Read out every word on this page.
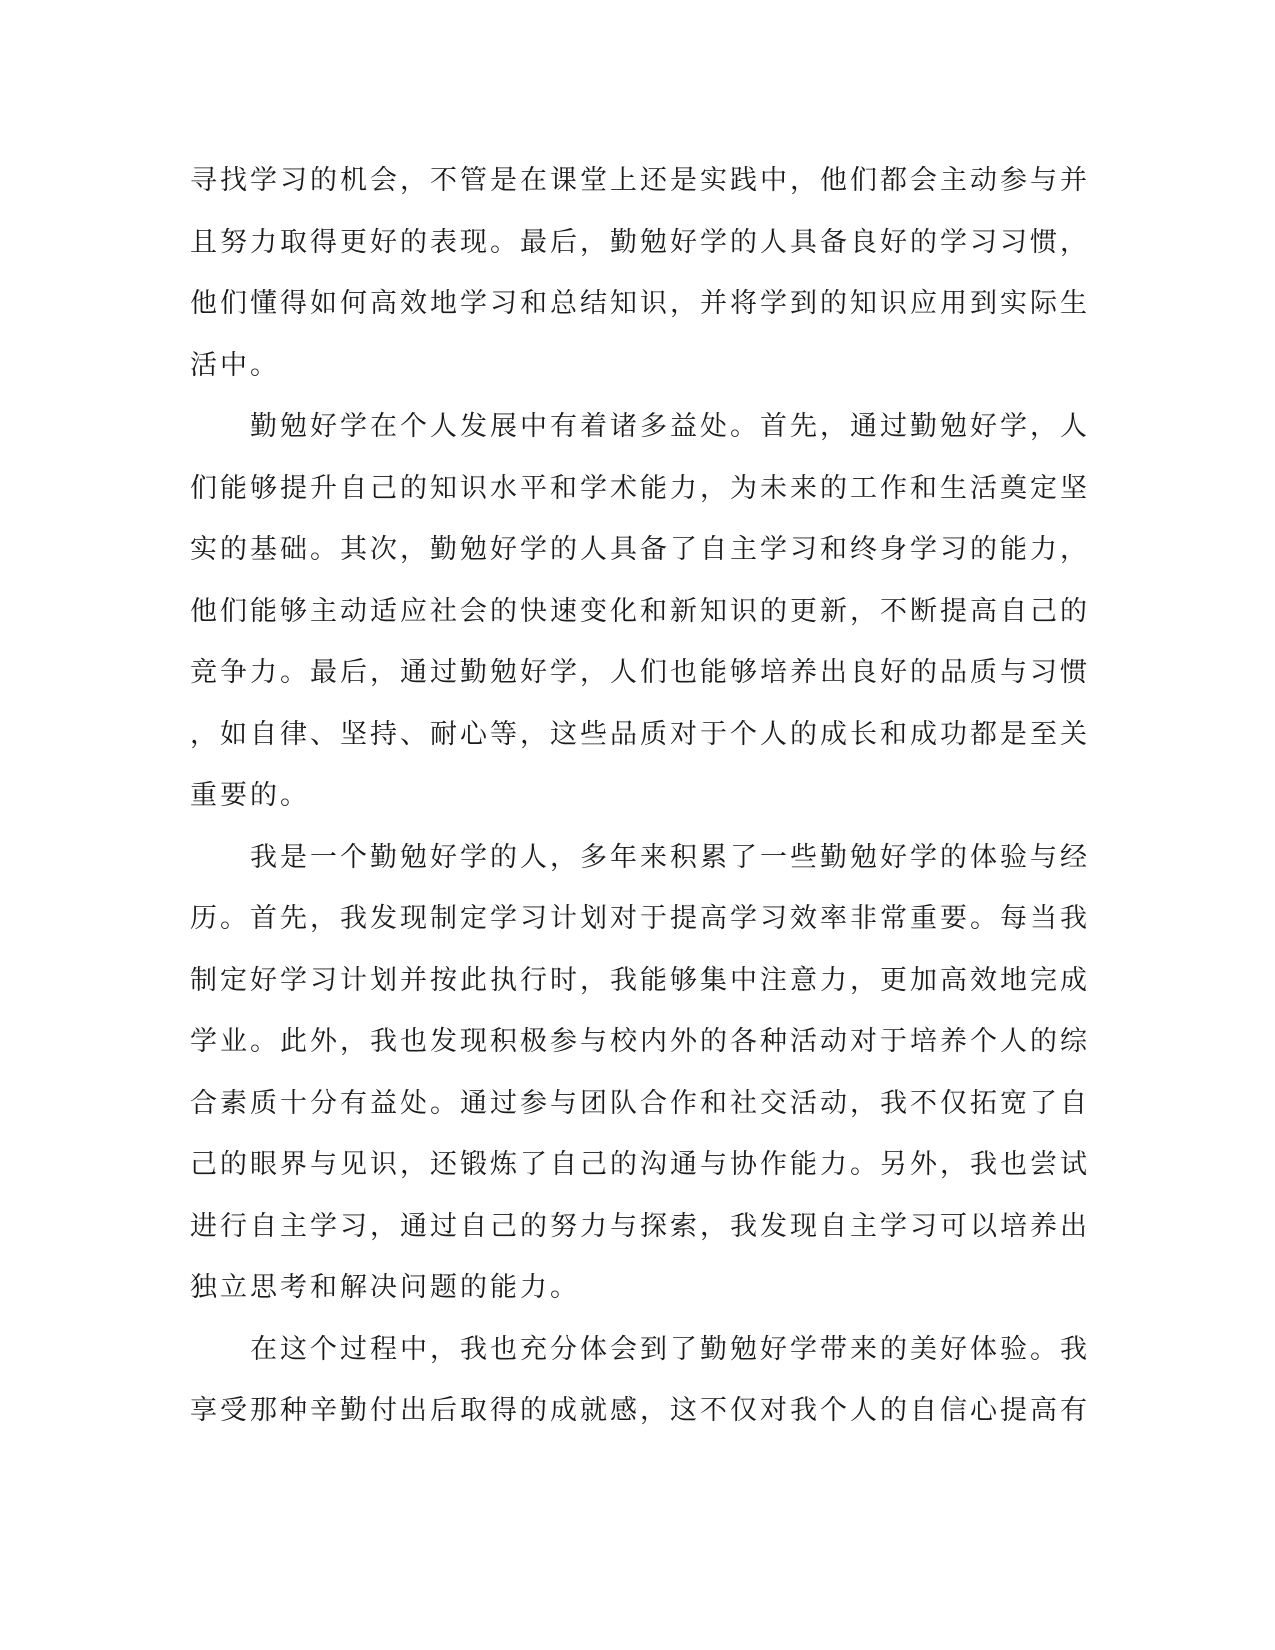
寻找学习的机会，不管是在课堂上还是实践中，他们都会主动参与并
且努力取得更好的表现。最后，勤勉好学的人具备良好的学习习惯，
他们懂得如何高效地学习和总结知识，并将学到的知识应用到实际生
活中。
　　勤勉好学在个人发展中有着诸多益处。首先，通过勤勉好学，人
们能够提升自己的知识水平和学术能力，为未来的工作和生活奠定坚
实的基础。其次，勤勉好学的人具备了自主学习和终身学习的能力，
他们能够主动适应社会的快速变化和新知识的更新，不断提高自己的
竞争力。最后，通过勤勉好学，人们也能够培养出良好的品质与习惯
，如自律、坚持、耐心等，这些品质对于个人的成长和成功都是至关
重要的。
　　我是一个勤勉好学的人，多年来积累了一些勤勉好学的体验与经
历。首先，我发现制定学习计划对于提高学习效率非常重要。每当我
制定好学习计划并按此执行时，我能够集中注意力，更加高效地完成
学业。此外，我也发现积极参与校内外的各种活动对于培养个人的综
合素质十分有益处。通过参与团队合作和社交活动，我不仅拓宽了自
己的眼界与见识，还锻炼了自己的沟通与协作能力。另外，我也尝试
进行自主学习，通过自己的努力与探索，我发现自主学习可以培养出
独立思考和解决问题的能力。
　　在这个过程中，我也充分体会到了勤勉好学带来的美好体验。我
享受那种辛勤付出后取得的成就感，这不仅对我个人的自信心提高有
